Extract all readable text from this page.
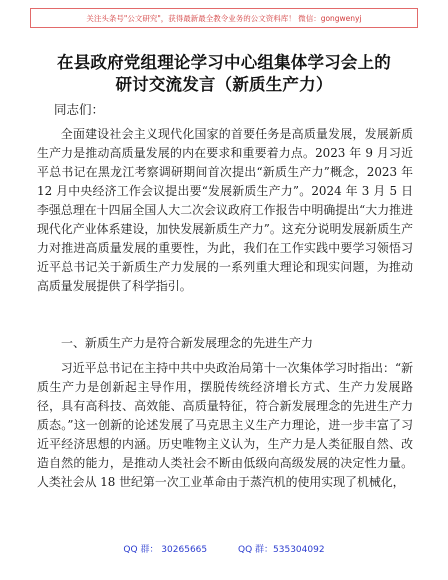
关注头条号"公文研究"，获得最新最全教令业务的公文资料库！ 微信：gongwenyj
在县政府党组理论学习中心组集体学习会上的
研讨交流发言（新质生产力）
同志们：

全面建设社会主义现代化国家的首要任务是高质量发展，发展新质生产力是推动高质量发展的内在要求和重要着力点。2023 年 9 月习近平总书记在黑龙江考察调研期间首次提出“新质生产力”概念，2023 年 12 月中央经济工作会议提出要“发展新质生产力”。2024 年 3 月 5 日李强总理在十四届全国人大二次会议政府工作报告中明确提出“大力推进现代化产业体系建设，加快发展新质生产力”。这充分说明发展新质生产力对推进高质量发展的重要性，为此，我们在工作实践中要学习领悟习近平总书记关于新质生产力发展的一系列重大理论和现实问题，为推动高质量发展提供了科学指引。

一、新质生产力是符合新发展理念的先进生产力

习近平总书记在主持中共中央政治局第十一次集体学习时指出：“新质生产力是创新起主导作用，摆脱传统经济增长方式、生产力发展路径，具有高科技、高效能、高质量特征，符合新发展理念的先进生产力质态。”这一创新的论述发展了马克思主义生产力理论，进一步丰富了习近平经济思想的内涵。历史唯物主义认为，生产力是人类征服自然、改造自然的能力，是推动人类社会不断由低级向高级发展的决定性力量。人类社会从 18 世纪第一次工业革命由于蒸汽机的使用实现了机械化，

QQ 群： 30265665	QQ 群：535304092
